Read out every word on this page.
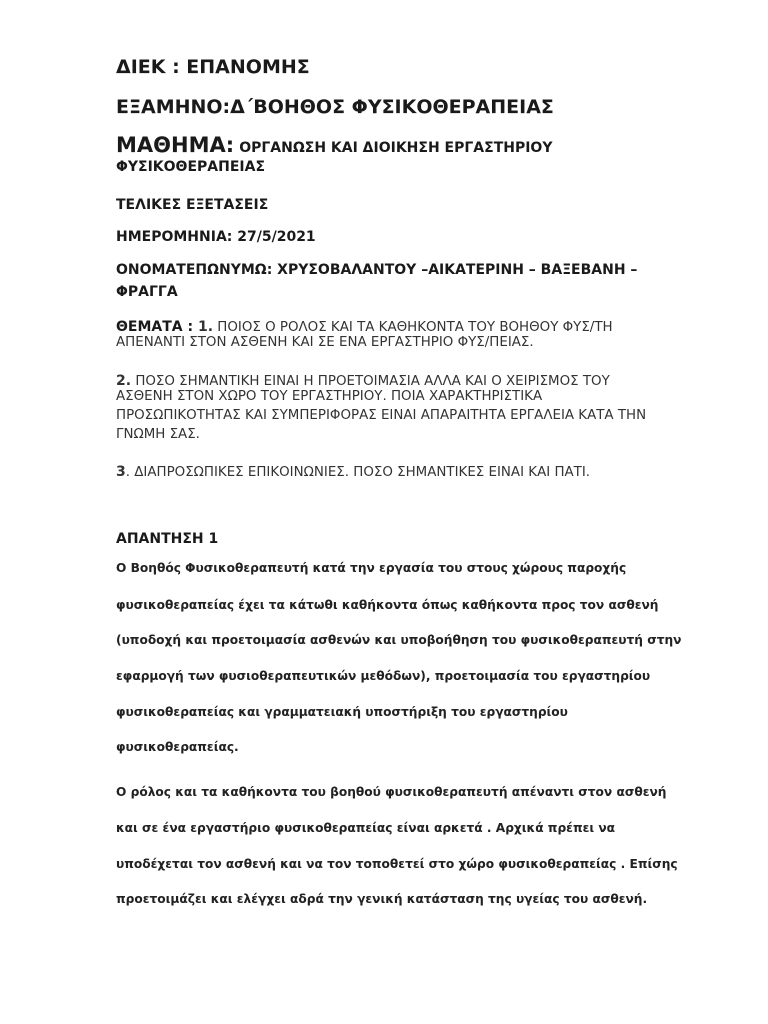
ΔΙΕΚ : ΕΠΑΝΟΜΗΣ
ΕΞΑΜΗΝΟ:Δ΄ΒΟΗΘΟΣ ΦΥΣΙΚΟΘΕΡΑΠΕΙΑΣ
ΜΑΘΗΜΑ: ΟΡΓΑΝΩΣΗ ΚΑΙ ΔΙΟΙΚΗΣΗ ΕΡΓΑΣΤΗΡΙΟΥ
ΦΥΣΙΚΟΘΕΡΑΠΕΙΑΣ
ΤΕΛΙΚΕΣ ΕΞΕΤΑΣΕΙΣ
ΗΜΕΡΟΜΗΝΙΑ: 27/5/2021
ΟΝΟΜΑΤΕΠΩΝΥΜΩ: ΧΡΥΣΟΒΑΛΑΝΤΟΥ –ΑΙΚΑΤΕΡΙΝΗ – ΒΑΞΕΒΑΝΗ –
ΦΡΑΓΓΑ
ΘΕΜΑΤΑ : 1. ΠΟΙΟΣ Ο ΡΟΛΟΣ ΚΑΙ ΤΑ ΚΑΘΗΚΟΝΤΑ ΤΟΥ ΒΟΗΘΟΥ ΦΥΣ/ΤΗ
ΑΠΕΝΑΝΤΙ ΣΤΟΝ ΑΣΘΕΝΗ ΚΑΙ ΣΕ ΕΝΑ ΕΡΓΑΣΤΗΡΙΟ ΦΥΣ/ΠΕΙΑΣ.
2. ΠΟΣΟ ΣΗΜΑΝΤΙΚΗ ΕΙΝΑΙ Η ΠΡΟΕΤΟΙΜΑΣΙΑ ΑΛΛΑ ΚΑΙ Ο ΧΕΙΡΙΣΜΟΣ ΤΟΥ
ΑΣΘΕΝΗ ΣΤΟΝ ΧΩΡΟ ΤΟΥ ΕΡΓΑΣΤΗΡΙΟΥ. ΠΟΙΑ ΧΑΡΑΚΤΗΡΙΣΤΙΚΑ
ΠΡΟΣΩΠΙΚΟΤΗΤΑΣ ΚΑΙ ΣΥΜΠΕΡΙΦΟΡΑΣ ΕΙΝΑΙ ΑΠΑΡΑΙΤΗΤΑ ΕΡΓΑΛΕΙΑ ΚΑΤΑ ΤΗΝ
ΓΝΩΜΗ ΣΑΣ.
3. ΔΙΑΠΡΟΣΩΠΙΚΕΣ ΕΠΙΚΟΙΝΩΝΙΕΣ. ΠΟΣΟ ΣΗΜΑΝΤΙΚΕΣ ΕΙΝΑΙ ΚΑΙ ΠΑΤΙ.
ΑΠΑΝΤΗΣΗ 1
Ο Βοηθός Φυσικοθεραπευτή κατά την εργασία του στους χώρους παροχής
φυσικοθεραπείας έχει τα κάτωθι καθήκοντα όπως καθήκοντα προς τον ασθενή
(υποδοχή και προετοιμασία ασθενών και υποβοήθηση του φυσικοθεραπευτή στην
εφαρμογή των φυσιοθεραπευτικών μεθόδων), προετοιμασία του εργαστηρίου
φυσικοθεραπείας και γραμματειακή υποστήριξη του εργαστηρίου
φυσικοθεραπείας.
Ο ρόλος και τα καθήκοντα του βοηθού φυσικοθεραπευτή απέναντι στον ασθενή
και σε ένα εργαστήριο φυσικοθεραπείας είναι αρκετά . Αρχικά πρέπει να
υποδέχεται τον ασθενή και να τον τοποθετεί στο χώρο φυσικοθεραπείας . Επίσης
προετοιμάζει και ελέγχει αδρά την γενική κατάσταση της υγείας του ασθενή.
